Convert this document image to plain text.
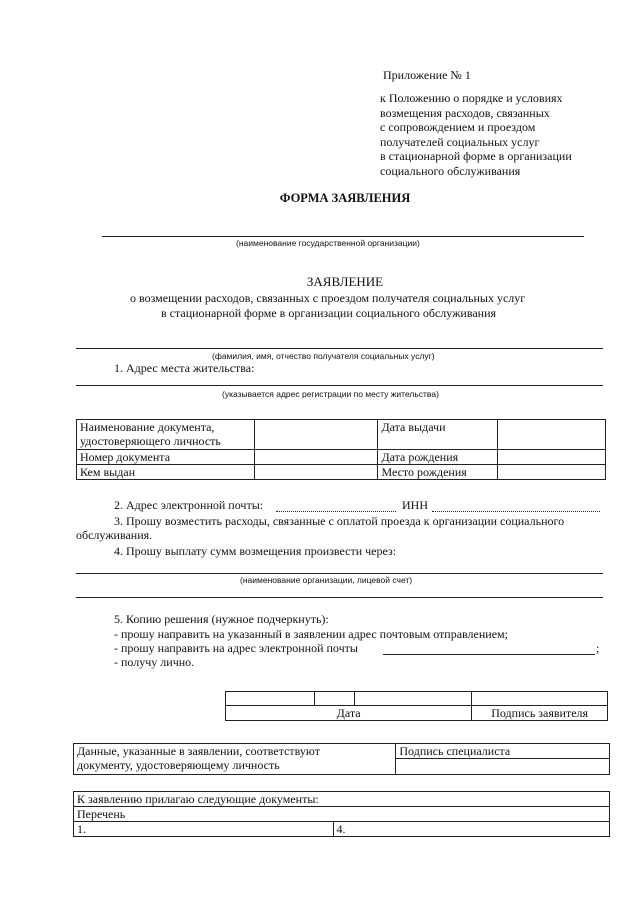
Приложение № 1
к Положению о порядке и условиях
возмещения расходов, связанных
с сопровождением и проездом
получателей социальных услуг
в стационарной форме в организации
социального обслуживания
ФОРМА ЗАЯВЛЕНИЯ
(наименование государственной организации)
ЗАЯВЛЕНИЕ
о возмещении расходов, связанных с проездом получателя социальных услуг
в стационарной форме в организации социального обслуживания
(фамилия, имя, отчество получателя социальных услуг)
1. Адрес места жительства:
(указывается адрес регистрации по месту жительства)
Наименование документа,
удостоверяющего личность		Дата выдачи	
Номер документа		Дата рождения	
Кем выдан		Место рождения	
2. Адрес электронной почты:	ИНН
3. Прошу возместить расходы, связанные с оплатой проезда к организации социального
обслуживания.
4. Прошу выплату сумм возмещения произвести через:
(наименование организации, лицевой счет)
5. Копию решения (нужное подчеркнуть):
- прошу направить на указанный в заявлении адрес почтовым отправлением;
- прошу направить на адрес электронной почты	;
- получу лично.

Дата			Подпись заявителя
Данные, указанные в заявлении, соответствуют
документу, удостоверяющему личность	Подпись специалиста

К заявлению прилагаю следующие документы:
Перечень
1.	4.
